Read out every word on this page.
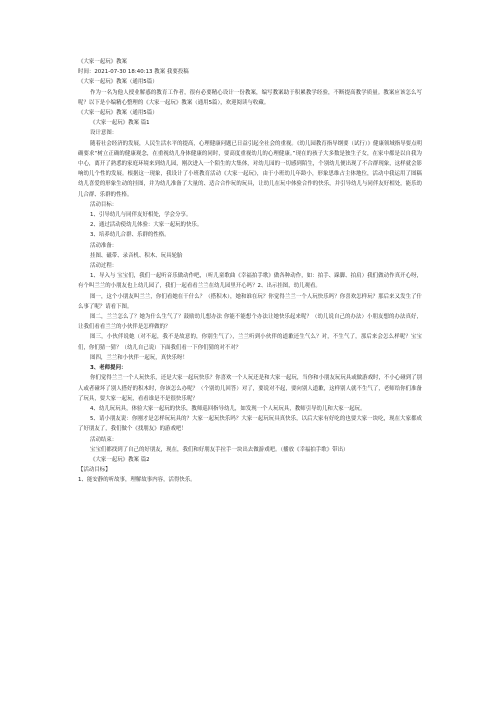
《大家一起玩》教案
时间：2021-07-30 18:40:13 教案 我要投稿
《大家一起玩》教案（通用5篇）
作为一名为他人授业解惑的教育工作者，很有必要精心设计一份教案，编写教案助于积累教学经验，不断提高教学质量。教案应该怎么写呢？以下是小编精心整理的《大家一起玩》教案（通用5篇），欢迎阅读与收藏。
《大家一起玩》教案（通用5篇）
《大家一起玩》教案 篇1
设计意图：
随着社会经济的发展，人民生活水平的提高，心理健康问题已日益引起全社会的重视。《幼儿园教育指导纲要（试行）》健康领域指导要点明确要求“树立正确的健康观念，在重视幼儿身体健康的同时，要高度重视幼儿的心理健康。”现在的孩子大多数是独生子女，在家中都是以自我为中心，离开了熟悉的家庭环境来到幼儿园，刚次进入一个陌生的大集体，对幼儿园的一切感到陌生，个别幼儿便出现了不合群现象，这样就会影响幼儿个性的发展。根据这一现象，我设计了小班教育活动《大家一起玩》，由于小班幼儿年龄小，形象思维占主体地位，活动中我运用了图稿幼儿喜爱的形象生动的挂图，并为幼儿准备了大量的、适合合作玩的玩具，让幼儿在玩中体验合作的快乐，并引导幼儿与同伴友好相处，能乐幼儿合群、乐群的性格。
活动目标：
1、引导幼儿与同伴友好相处，学会分享。
2、通过活动使幼儿体验：大家一起玩的快乐。
3、培养幼儿合群、乐群的性格。
活动准备：
挂图、磁带、录音机、积木、玩具轮胎
活动过程：
1、导入与 宝宝们，我们一起听音乐做动作吧，（听儿童歌曲《幸福拍手歌》做各种动作，如：拍手、跺脚、拍肩）我们做动作真开心呀，有个叫兰兰的小朋友也上幼儿园了，我们一起看看兰兰在幼儿园里开心吗？2、出示挂图，幼儿观看。
图一，这个小朋友叫兰兰，你们看她在干什么？（搭积木），她和谁在玩？你觉得兰兰一个人玩快乐吗？你喜欢怎样玩？那后来又发生了什么事了呢？请看下图。
图二，兰兰怎么了？她为什么生气了？鼓励幼儿想办法 你能不能想个办法让她快乐起来呢？（幼儿说自己的办法）小朋友想的办法真好，让我们看看兰兰的小伙伴是怎样做的？
图三，小伙伴说她（对不起，我不是故意的，你别生气了），兰兰听到小伙伴的道歉还生气么？对，不生气了，那后来会怎么样呢？宝宝们，你们猜一猜？（幼儿自己说）下面我们看一下你们猜的对不对？
图四，兰兰和小伙伴一起玩，真快乐呀！
3、老师提问：
你们觉得兰兰一个人玩快乐，还是大家一起玩快乐？你喜欢一个人玩还是和大家一起玩，当你和小朋友玩玩具或做游戏时，不小心碰到了别人或者碰坏了别人搭好的积木时，你该怎么办呢？（个别幼儿回答）对了，要说对不起，要向别人道歉，这样别人就不生气了，老师给你们准备了玩具，要大家一起玩，看看谁是不是很快乐呢？
4、幼儿玩玩具，体验大家一起玩的快乐，教师巡回指导幼儿，如发现一个人玩玩具，教师引导幼儿和大家一起玩。
5、请小朋友说：你刚才是怎样玩玩具的？大家一起玩快乐吗？大家一起玩玩具真快乐，以后大家有好吃的也要大家一块吃，现在大家都成了好朋友了，我们做个《找朋友》的游戏吧！
活动结束：
宝宝们都找到了自己的好朋友，现在，我们和好朋友手拉手一块出去做游戏吧。（播放《幸福拍手歌》带出）
《大家一起玩》教案 篇2
【活动目标】
1、能安静的听故事，理解故事内容，活得快乐。
